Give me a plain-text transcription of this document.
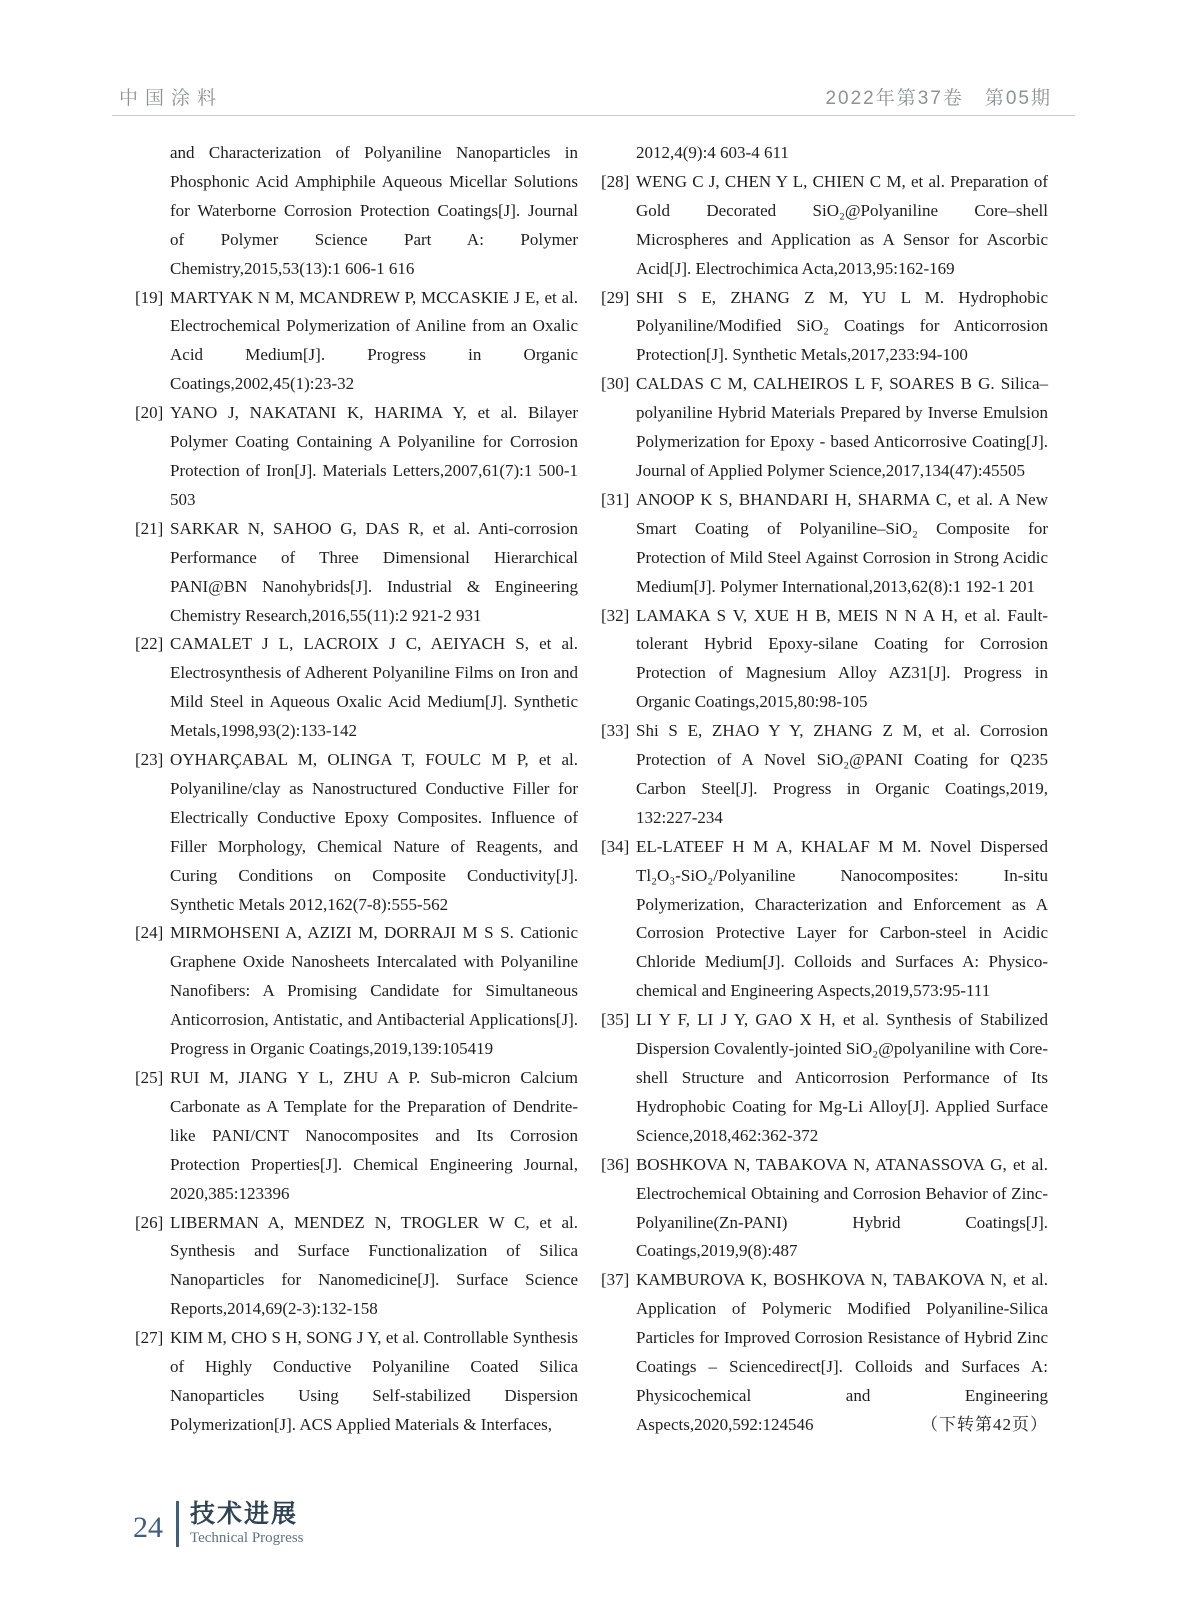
中国涂料	2022年第37卷　第05期
and Characterization of Polyaniline Nanoparticles in Phosphonic Acid Amphiphile Aqueous Micellar Solutions for Waterborne Corrosion Protection Coatings[J]. Journal of Polymer Science Part A: Polymer Chemistry,2015,53(13):1 606-1 616
[19] MARTYAK N M, MCANDREW P, MCCASKIE J E, et al. Electrochemical Polymerization of Aniline from an Oxalic Acid Medium[J]. Progress in Organic Coatings,2002,45(1):23-32
[20] YANO J, NAKATANI K, HARIMA Y, et al. Bilayer Polymer Coating Containing A Polyaniline for Corrosion Protection of Iron[J]. Materials Letters,2007,61(7):1 500-1 503
[21] SARKAR N, SAHOO G, DAS R, et al. Anti-corrosion Performance of Three Dimensional Hierarchical PANI@BN Nanohybrids[J]. Industrial & Engineering Chemistry Research,2016,55(11):2 921-2 931
[22] CAMALET J L, LACROIX J C, AEIYACH S, et al. Electrosynthesis of Adherent Polyaniline Films on Iron and Mild Steel in Aqueous Oxalic Acid Medium[J]. Synthetic Metals,1998,93(2):133-142
[23] OYHARÇABAL M, OLINGA T, FOULC M P, et al. Polyaniline/clay as Nanostructured Conductive Filler for Electrically Conductive Epoxy Composites. Influence of Filler Morphology, Chemical Nature of Reagents, and Curing Conditions on Composite Conductivity[J]. Synthetic Metals 2012,162(7-8):555-562
[24] MIRMOHSENI A, AZIZI M, DORRAJI M S S. Cationic Graphene Oxide Nanosheets Intercalated with Polyaniline Nanofibers: A Promising Candidate for Simultaneous Anticorrosion, Antistatic, and Antibacterial Applications[J]. Progress in Organic Coatings,2019,139:105419
[25] RUI M, JIANG Y L, ZHU A P. Sub-micron Calcium Carbonate as A Template for the Preparation of Dendrite-like PANI/CNT Nanocomposites and Its Corrosion Protection Properties[J]. Chemical Engineering Journal, 2020,385:123396
[26] LIBERMAN A, MENDEZ N, TROGLER W C, et al. Synthesis and Surface Functionalization of Silica Nanoparticles for Nanomedicine[J]. Surface Science Reports,2014,69(2-3):132-158
[27] KIM M, CHO S H, SONG J Y, et al. Controllable Synthesis of Highly Conductive Polyaniline Coated Silica Nanoparticles Using Self-stabilized Dispersion Polymerization[J]. ACS Applied Materials & Interfaces,	（下转第42页）
2012,4(9):4 603-4 611
[28] WENG C J, CHEN Y L, CHIEN C M, et al. Preparation of Gold Decorated SiO₂@Polyaniline Core–shell Microspheres and Application as A Sensor for Ascorbic Acid[J]. Electrochimica Acta,2013,95:162-169
[29] SHI S E, ZHANG Z M, YU L M. Hydrophobic Polyaniline/Modified SiO₂ Coatings for Anticorrosion Protection[J]. Synthetic Metals,2017,233:94-100
[30] CALDAS C M, CALHEIROS L F, SOARES B G. Silica–polyaniline Hybrid Materials Prepared by Inverse Emulsion Polymerization for Epoxy - based Anticorrosive Coating[J]. Journal of Applied Polymer Science,2017,134(47):45505
[31] ANOOP K S, BHANDARI H, SHARMA C, et al. A New Smart Coating of Polyaniline–SiO₂ Composite for Protection of Mild Steel Against Corrosion in Strong Acidic Medium[J]. Polymer International,2013,62(8):1 192-1 201
[32] LAMAKA S V, XUE H B, MEIS N N A H, et al. Fault-tolerant Hybrid Epoxy-silane Coating for Corrosion Protection of Magnesium Alloy AZ31[J]. Progress in Organic Coatings,2015,80:98-105
[33] Shi S E, ZHAO Y Y, ZHANG Z M, et al. Corrosion Protection of A Novel SiO₂@PANI Coating for Q235 Carbon Steel[J]. Progress in Organic Coatings,2019, 132:227-234
[34] EL-LATEEF H M A, KHALAF M M. Novel Dispersed Tl₂O₃-SiO₂/Polyaniline Nanocomposites: In-situ Polymerization, Characterization and Enforcement as A Corrosion Protective Layer for Carbon-steel in Acidic Chloride Medium[J]. Colloids and Surfaces A: Physico-chemical and Engineering Aspects,2019,573:95-111
[35] LI Y F, LI J Y, GAO X H, et al. Synthesis of Stabilized Dispersion Covalently-jointed SiO₂@polyaniline with Core-shell Structure and Anticorrosion Performance of Its Hydrophobic Coating for Mg-Li Alloy[J]. Applied Surface Science,2018,462:362-372
[36] BOSHKOVA N, TABAKOVA N, ATANASSOVA G, et al. Electrochemical Obtaining and Corrosion Behavior of Zinc-Polyaniline(Zn-PANI) Hybrid Coatings[J]. Coatings,2019,9(8):487
[37] KAMBUROVA K, BOSHKOVA N, TABAKOVA N, et al. Application of Polymeric Modified Polyaniline-Silica Particles for Improved Corrosion Resistance of Hybrid Zinc Coatings – Sciencedirect[J]. Colloids and Surfaces A: Physicochemical and Engineering Aspects,2020,592:124546
24 技术进展
Technical Progress
